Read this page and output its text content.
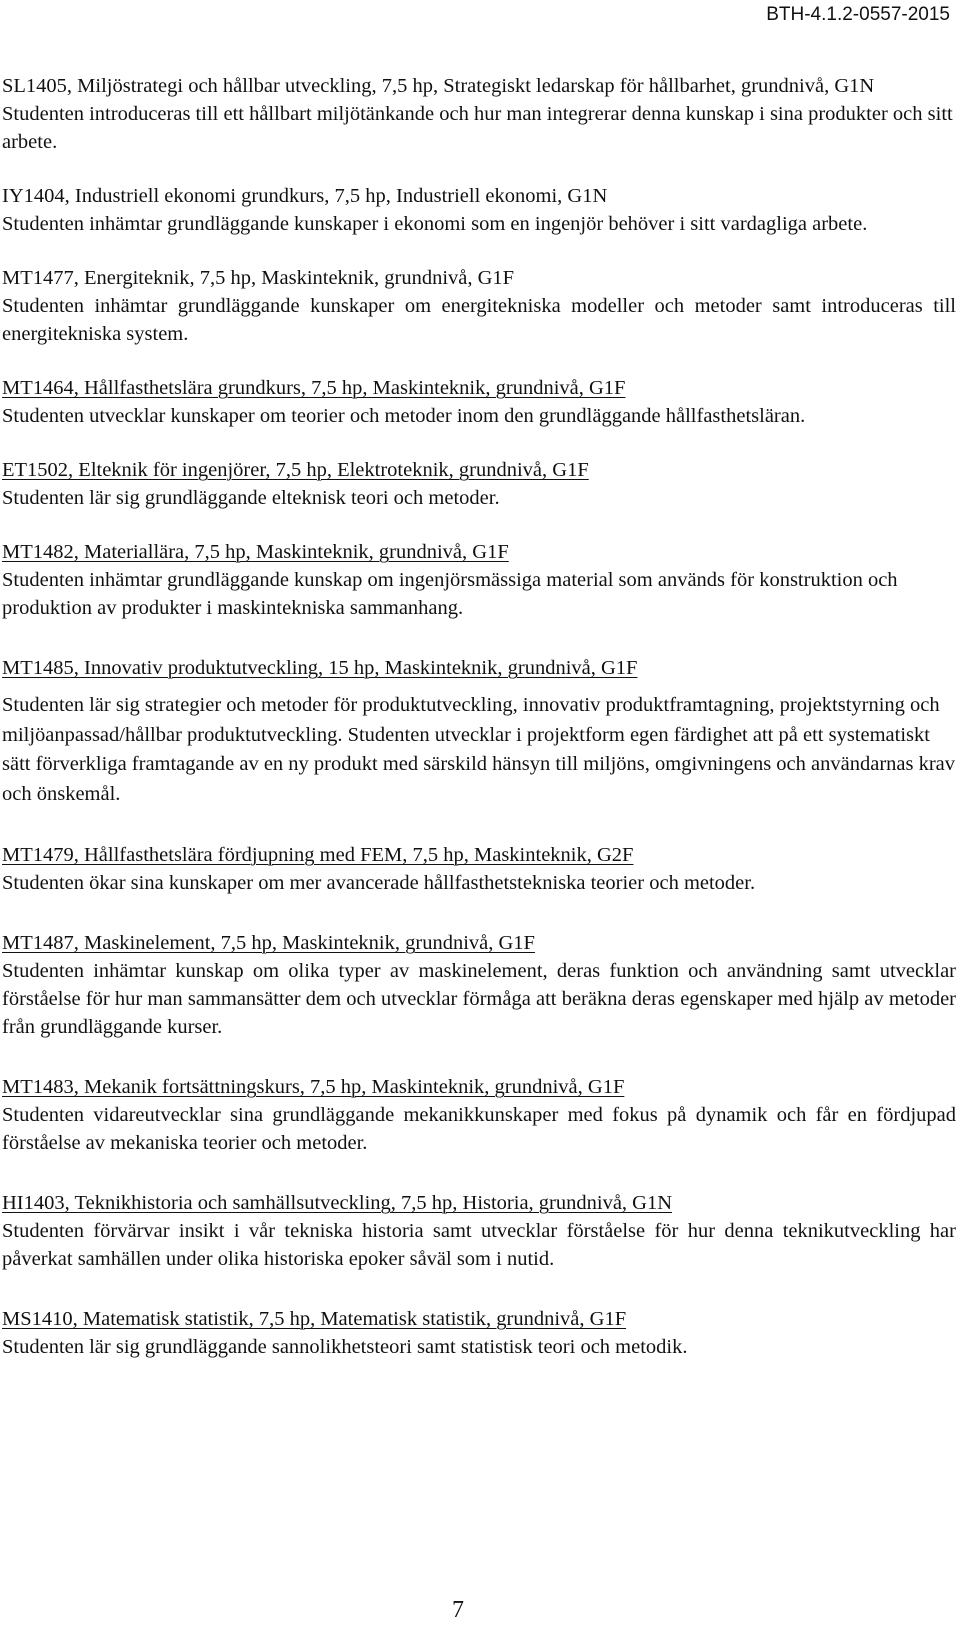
BTH-4.1.2-0557-2015

SL1405, Miljöstrategi och hållbar utveckling, 7,5 hp, Strategiskt ledarskap för hållbarhet, grundnivå, G1N

Studenten introduceras till ett hållbart miljötänkande och hur man integrerar denna kunskap i sina produkter och sitt arbete.

IY1404, Industriell ekonomi grundkurs, 7,5 hp, Industriell ekonomi, G1N

Studenten inhämtar grundläggande kunskaper i ekonomi som en ingenjör behöver i sitt vardagliga arbete.

MT1477, Energiteknik, 7,5 hp, Maskinteknik, grundnivå, G1F

Studenten inhämtar grundläggande kunskaper om energitekniska modeller och metoder samt introduceras till energitekniska system.

MT1464, Hållfasthetslära grundkurs, 7,5 hp, Maskinteknik, grundnivå, G1F

Studenten utvecklar kunskaper om teorier och metoder inom den grundläggande hållfasthetsläran.

ET1502, Elteknik för ingenjörer, 7,5 hp, Elektroteknik, grundnivå, G1F

Studenten lär sig grundläggande elteknisk teori och metoder.

MT1482, Materiallära, 7,5 hp, Maskinteknik, grundnivå, G1F

Studenten inhämtar grundläggande kunskap om ingenjörsmässiga material som används för konstruktion och produktion av produkter i maskintekniska sammanhang.

MT1485, Innovativ produktutveckling, 15 hp, Maskinteknik, grundnivå, G1F

Studenten lär sig strategier och metoder för produktutveckling, innovativ produktframtagning, projektstyrning och miljöanpassad/hållbar produktutveckling. Studenten utvecklar i projektform egen färdighet att på ett systematiskt sätt förverkliga framtagande av en ny produkt med särskild hänsyn till miljöns, omgivningens och användarnas krav och önskemål.

MT1479, Hållfasthetslära fördjupning med FEM, 7,5 hp, Maskinteknik, G2F

Studenten ökar sina kunskaper om mer avancerade hållfasthetstekniska teorier och metoder.

MT1487, Maskinelement, 7,5 hp, Maskinteknik, grundnivå, G1F

Studenten inhämtar kunskap om olika typer av maskinelement, deras funktion och användning samt utvecklar förståelse för hur man sammansätter dem och utvecklar förmåga att beräkna deras egenskaper med hjälp av metoder från grundläggande kurser.

MT1483, Mekanik fortsättningskurs, 7,5 hp, Maskinteknik, grundnivå, G1F

Studenten vidareutvecklar sina grundläggande mekanikkunskaper med fokus på dynamik och får en fördjupad förståelse av mekaniska teorier och metoder.

HI1403, Teknikhistoria och samhällsutveckling, 7,5 hp, Historia, grundnivå, G1N

Studenten förvärvar insikt i vår tekniska historia samt utvecklar förståelse för hur denna teknikutveckling har påverkat samhällen under olika historiska epoker såväl som i nutid.

MS1410, Matematisk statistik, 7,5 hp, Matematisk statistik, grundnivå, G1F

Studenten lär sig grundläggande sannolikhetsteori samt statistisk teori och metodik.

7
